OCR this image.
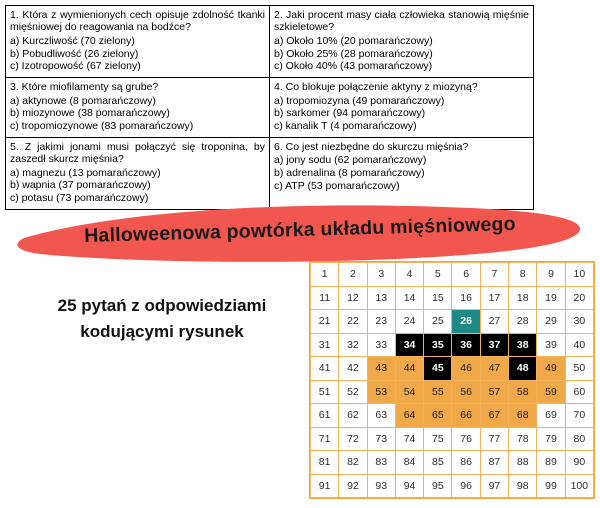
1. Która z wymienionych cech opisuje zdolność tkanki mięśniowej do reagowania na bodźce?
a) Kurczliwość (70 zielony)
b) Pobudliwość (26 zielony)
c) Izotropowość (67 zielony)

2. Jaki procent masy ciała człowieka stanowią mięśnie szkieletowe?
a) Około 10% (20 pomarańczowy)
b) Około 25% (28 pomarańczowy)
c) Około 40% (43 pomarańczowy)

3. Które miofilamenty są grube?
a) aktynowe (8 pomarańczowy)
b) miozynowe (38 pomarańczowy)
c) tropomiozynowe (83 pomarańczowy)

4. Co blokuje połączenie aktyny z miozyną?
a) tropomiozyna (49 pomarańczowy)
b) sarkomer (94 pomarańczowy)
c) kanalik T (4 pomarańczowy)

5. Z jakimi jonami musi połączyć się troponina, by zaszedł skurcz mięśnia?
a) magnezu (13 pomarańczowy)
b) wapnia (37 pomarańczowy)
c) potasu (73 pomarańczowy)

6. Co jest niezbędne do skurczu mięśnia?
a) jony sodu (62 pomarańczowy)
b) adrenalina (8 pomarańczowy)
c) ATP (53 pomarańczowy)
Halloweenowa powtórka układu mięśniowego
25 pytań z odpowiedziami
kodującymi rysunek
1	2	3	4	5	6	7	8	9	10
11	12	13	14	15	16	17	18	19	20
21	22	23	24	25	26	27	28	29	30
31	32	33	34	35	36	37	38	39	40
41	42	43	44	45	46	47	48	49	50
51	52	53	54	55	56	57	58	59	60
61	62	63	64	65	66	67	68	69	70
71	72	73	74	75	76	77	78	79	80
81	82	83	84	85	86	87	88	89	90
91	92	93	94	95	96	97	98	99	100
